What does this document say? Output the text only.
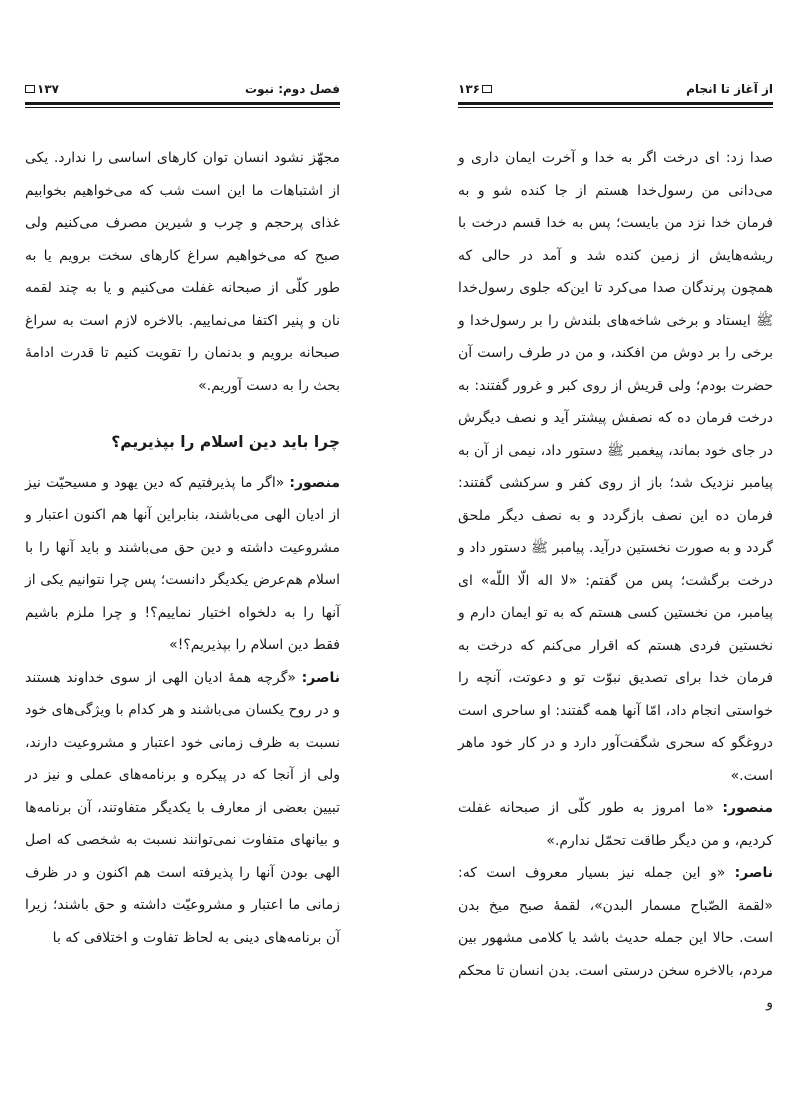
فصل دوم: نبوت
۱۳۷

مجهّز نشود انسان توان کارهای اساسی را ندارد. یکی از اشتباهات ما این است شب که می‌خواهیم بخوابیم غذای پرحجم و چرب و شیرین مصرف می‌کنیم ولی صبح که می‌خواهیم سراغ کارهای سخت برویم یا به طور کلّی از صبحانه غفلت می‌کنیم و یا به چند لقمه نان و پنیر اکتفا می‌نماییم. بالاخره لازم است به سراغ صبحانه برویم و بدنمان را تقویت کنیم تا قدرت ادامهٔ بحث را به دست آوریم.»

چرا باید دین اسلام را بپذیریم؟

منصور: «اگر ما پذیرفتیم که دین یهود و مسیحیّت نیز از ادیان الهی می‌باشند، بنابراین آنها هم اکنون اعتبار و مشروعیت داشته و دین حق می‌باشند و باید آنها را با اسلام هم‌عرض یکدیگر دانست؛ پس چرا نتوانیم یکی از آنها را به دلخواه اختیار نماییم؟! و چرا ملزم باشیم فقط دین اسلام را بپذیریم؟!»

ناصر: «گرچه همهٔ ادیان الهی از سوی خداوند هستند و در روح یکسان می‌باشند و هر کدام با ویژگی‌های خود نسبت به ظرف زمانی خود اعتبار و مشروعیت دارند، ولی از آنجا که در پیکره و برنامه‌های عملی و نیز در تبیین بعضی از معارف با یکدیگر متفاوتند، آن برنامه‌ها و بیانهای متفاوت نمی‌توانند نسبت به شخصی که اصل الهی بودن آنها را پذیرفته است هم اکنون و در ظرف زمانی ما اعتبار و مشروعیّت داشته و حق باشند؛ زیرا آن برنامه‌های دینی به لحاظ تفاوت و اختلافی که با

از آغاز تا انجام
۱۳۶

صدا زد: ای درخت اگر به خدا و آخرت ایمان داری و می‌دانی من رسول‌خدا هستم از جا کنده شو و به فرمان خدا نزد من بایست؛ پس به خدا قسم درخت با ریشه‌هایش از زمین کنده شد و آمد در حالی که همچون پرندگان صدا می‌کرد تا این‌که جلوی رسول‌خدا ﷺ ایستاد و برخی شاخه‌های بلندش را بر رسول‌خدا و برخی را بر دوش من افکند، و من در طرف راست آن حضرت بودم؛ ولی قریش از روی کبر و غرور گفتند: به درخت فرمان ده که نصفش پیشتر آید و نصف دیگرش در جای خود بماند، پیغمبر ﷺ دستور داد، نیمی از آن به پیامبر نزدیک شد؛ باز از روی کفر و سرکشی گفتند: فرمان ده این نصف بازگردد و به نصف دیگر ملحق گردد و به صورت نخستین درآید. پیامبر ﷺ دستور داد و درخت برگشت؛ پس من گفتم: «لا اله الّا اللّه» ای پیامبر، من نخستین کسی هستم که به تو ایمان دارم و نخستین فردی هستم که اقرار می‌کنم که درخت به فرمان خدا برای تصدیق نبوّت تو و دعوتت، آنچه را خواستی انجام داد، امّا آنها همه گفتند: او ساحری است دروغگو که سحری شگفت‌آور دارد و در کار خود ماهر است.»

منصور: «ما امروز به طور کلّی از صبحانه غفلت کردیم، و من دیگر طاقت تحمّل ندارم.»

ناصر: «و این جمله نیز بسیار معروف است که: «لقمة الصّباح مسمار البدن»، لقمهٔ صبح میخ بدن است. حالا این جمله حدیث باشد یا کلامی مشهور بین مردم، بالاخره سخن درستی است. بدن انسان تا محکم و
